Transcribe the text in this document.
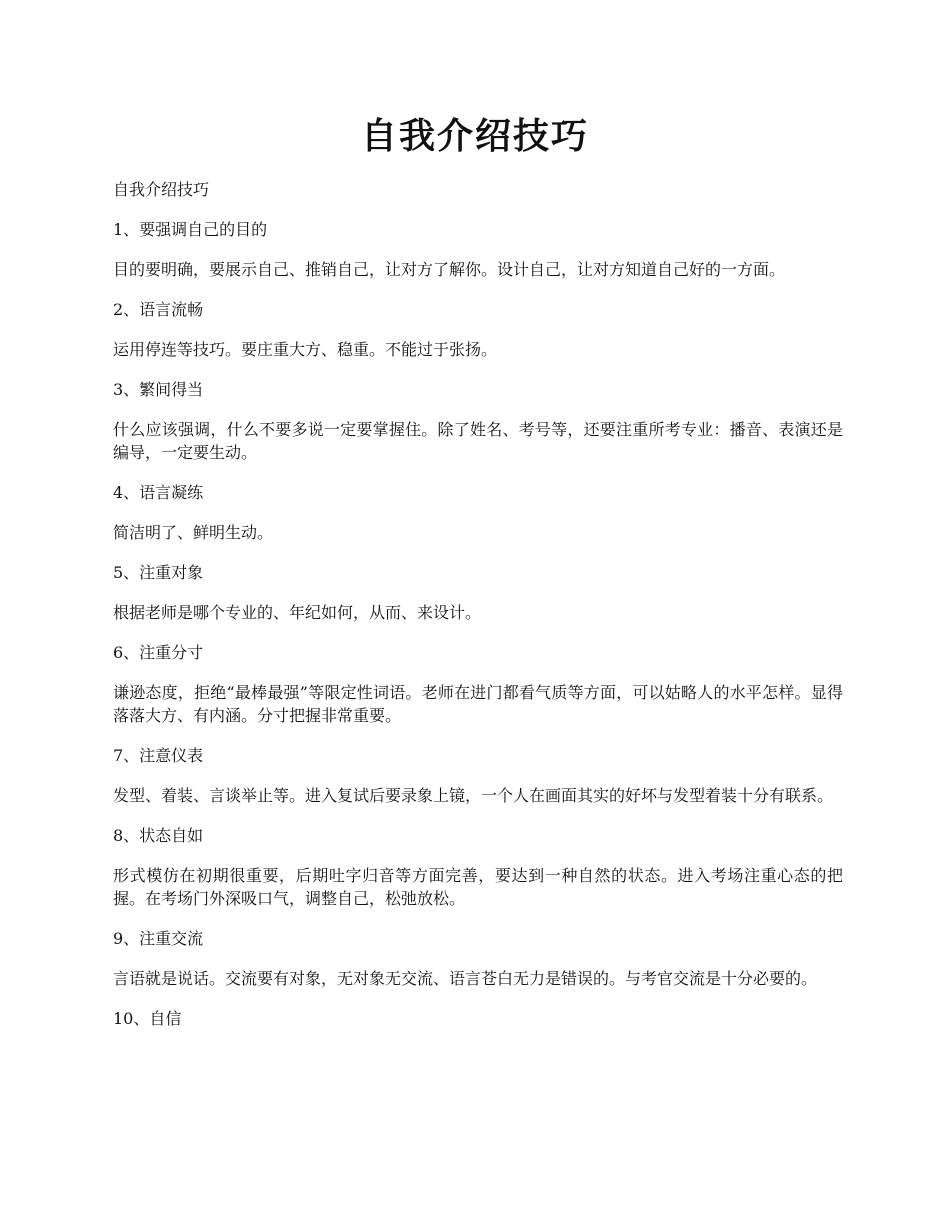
自我介绍技巧

自我介绍技巧

1、要强调自己的目的

目的要明确，要展示自己、推销自己，让对方了解你。设计自己，让对方知道自己好的一方面。

2、语言流畅

运用停连等技巧。要庄重大方、稳重。不能过于张扬。

3、繁间得当

什么应该强调，什么不要多说一定要掌握住。除了姓名、考号等，还要注重所考专业：播音、表演还是编导，一定要生动。

4、语言凝练

简洁明了、鲜明生动。

5、注重对象

根据老师是哪个专业的、年纪如何，从而、来设计。

6、注重分寸

谦逊态度，拒绝“最棒最强”等限定性词语。老师在进门都看气质等方面，可以姑略人的水平怎样。显得落落大方、有内涵。分寸把握非常重要。

7、注意仪表

发型、着装、言谈举止等。进入复试后要录象上镜，一个人在画面其实的好坏与发型着装十分有联系。

8、状态自如

形式模仿在初期很重要，后期吐字归音等方面完善，要达到一种自然的状态。进入考场注重心态的把握。在考场门外深吸口气，调整自己，松弛放松。

9、注重交流

言语就是说话。交流要有对象，无对象无交流、语言苍白无力是错误的。与考官交流是十分必要的。

10、自信
